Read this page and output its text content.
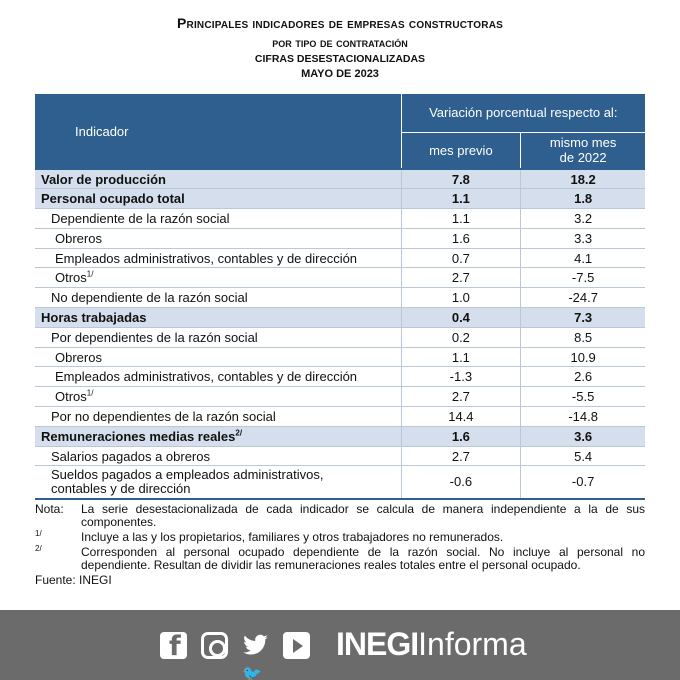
Principales indicadores de empresas constructoras
por tipo de contratación
CIFRAS DESESTACIONALIZADAS
MAYO DE 2023
Indicador	Variación porcentual respecto al:	
	mes previo	mismo mes
de 2022
Valor de producción	7.8	18.2
Personal ocupado total	1.1	1.8
Dependiente de la razón social	1.1	3.2
Obreros	1.6	3.3
Empleados administrativos, contables y de dirección	0.7	4.1
Otros$^{1/}$	2.7	-7.5
No dependiente de la razón social	1.0	-24.7
Horas trabajadas	0.4	7.3
Por dependientes de la razón social	0.2	8.5
Obreros	1.1	10.9
Empleados administrativos, contables y de dirección	-1.3	2.6
Otros$^{1/}$	2.7	-5.5
Por no dependientes de la razón social	14.4	-14.8
Remuneraciones medias reales$^{2/}$	1.6	3.6
Salarios pagados a obreros	2.7	5.4
Sueldos pagados a empleados administrativos,
contables y de dirección	-0.6	-0.7
Nota:	La serie desestacionalizada de cada indicador se calcula de manera independiente a la de sus componentes.
$^{1/}$	Incluye a las y los propietarios, familiares y otros trabajadores no remunerados.
$^{2/}$	Corresponden al personal ocupado dependiente de la razón social. No incluye al personal no dependiente. Resultan de dividir las remuneraciones reales totales entre el personal ocupado.
Fuente: INEGI
f
🐦
INEGIInforma
